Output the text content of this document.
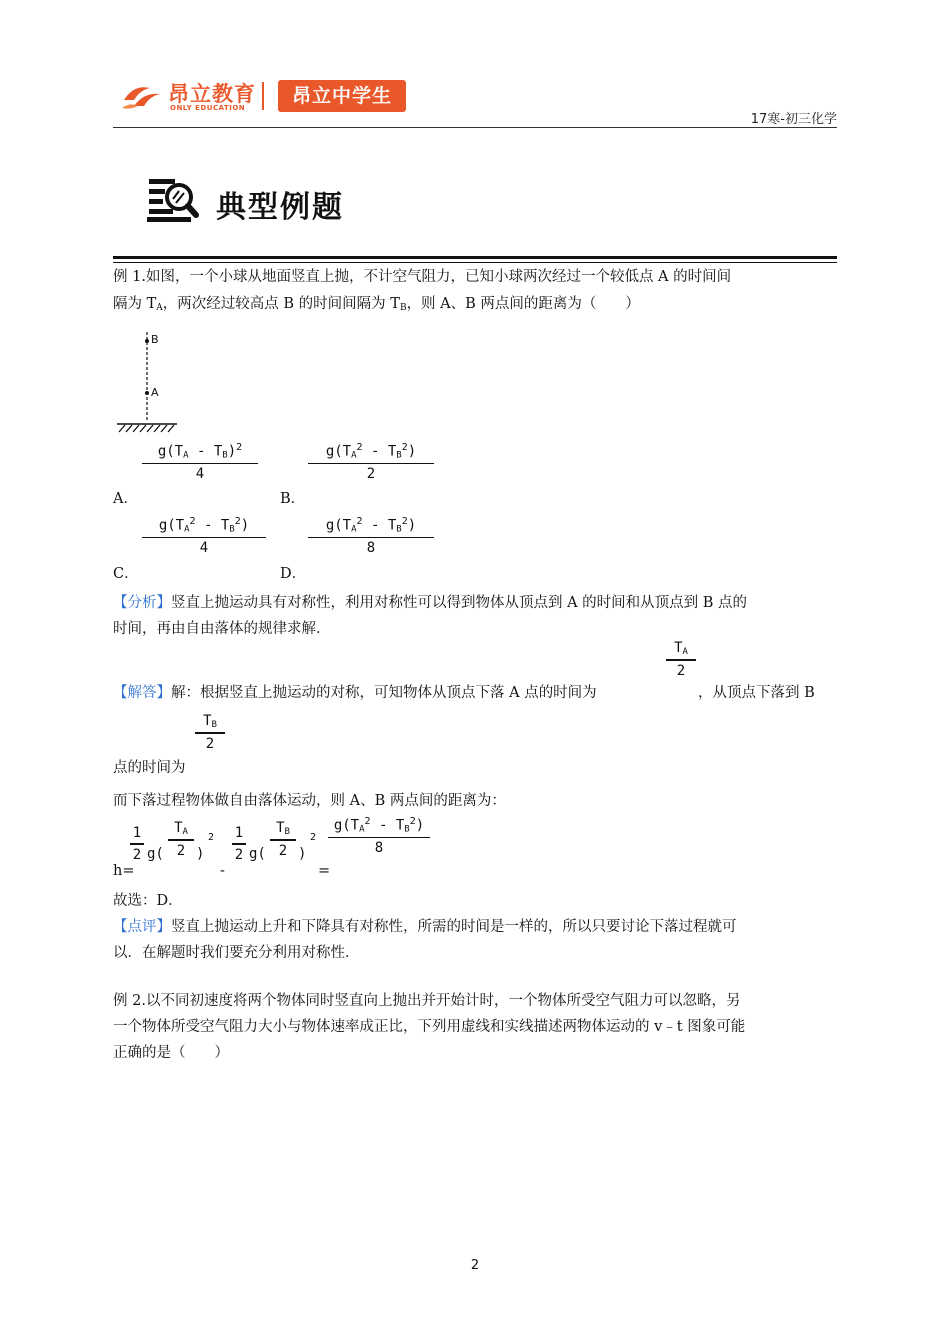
昂立教育
ONLY EDUCATION
昂立中学生
17寒-初三化学
典型例题
例 1.如图，一个小球从地面竖直上抛，不计空气阻力，已知小球两次经过一个较低点 A 的时间间
隔为 $T_A$，两次经过较高点 B 的时间间隔为 $T_B$，则 A、B 两点间的距离为（　　）
B
A
$g(T_A - T_B)^2$
4
A．
$g(T_A^2 - T_B^2)$
2
B．
$g(T_A^2 - T_B^2)$
4
C．
$g(T_A^2 - T_B^2)$
8
D．
【分析】竖直上抛运动具有对称性，利用对称性可以得到物体从顶点到 A 的时间和从顶点到 B 点的
时间，再由自由落体的规律求解．
$T_A$
2
【解答】解：根据竖直上抛运动的对称，可知物体从顶点下落 A 点的时间为	，从顶点下落到 B
$T_B$
2
点的时间为
而下落过程物体做自由落体运动，则 A、B 两点间的距离为：
h=
1
2 g(
$T_A$
2 )
2
-
1
2 g(
$T_B$
2 )
2
=
$g(T_A^2 - T_B^2)$
8
故选：D．
【点评】竖直上抛运动上升和下降具有对称性，所需的时间是一样的，所以只要讨论下落过程就可
以．在解题时我们要充分利用对称性．
例 2.以不同初速度将两个物体同时竖直向上抛出并开始计时，一个物体所受空气阻力可以忽略，另
一个物体所受空气阻力大小与物体速率成正比，下列用虚线和实线描述两物体运动的 v﹣t 图象可能
正确的是（　　）
2
